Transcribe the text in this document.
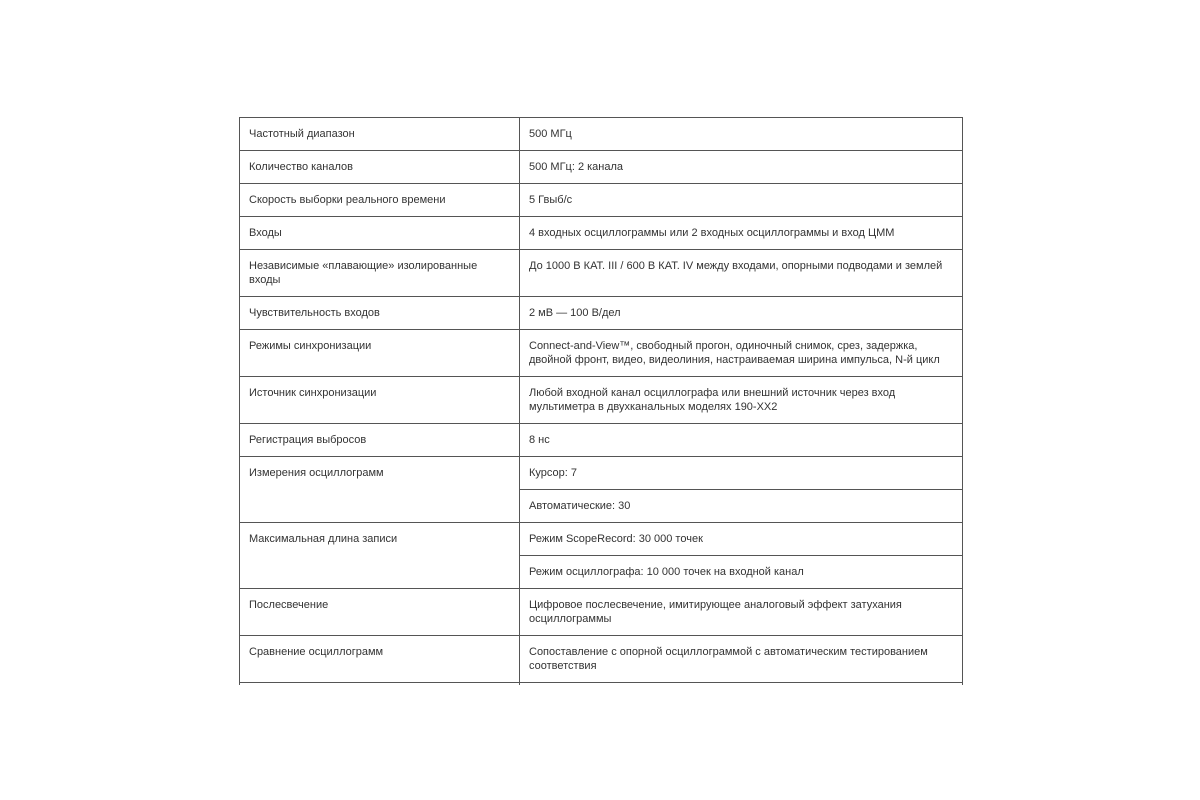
Частотный диапазон	500 МГц
Количество каналов	500 МГц: 2 канала
Скорость выборки реального времени	5 Гвыб/с
Входы	4 входных осциллограммы или 2 входных осциллограммы и вход ЦММ
Независимые «плавающие» изолированные входы	До 1000 В КАТ. III / 600 В КАТ. IV между входами, опорными подводами и землей
Чувствительность входов	2 мВ — 100 В/дел
Режимы синхронизации	Connect-and-View™, свободный прогон, одиночный снимок, срез, задержка, двойной фронт, видео, видеолиния, настраиваемая ширина импульса, N-й цикл
Источник синхронизации	Любой входной канал осциллографа или внешний источник через вход мультиметра в двухканальных моделях 190-XX2
Регистрация выбросов	8 нс
Измерения осциллограмм	Курсор: 7
	Автоматические: 30
Максимальная длина записи	Режим ScopeRecord: 30 000 точек
	Режим осциллографа: 10 000 точек на входной канал
Послесвечение	Цифровое послесвечение, имитирующее аналоговый эффект затухания осциллограммы
Сравнение осциллограмм	Сопоставление с опорной осциллограммой с автоматическим тестированием соответствия
